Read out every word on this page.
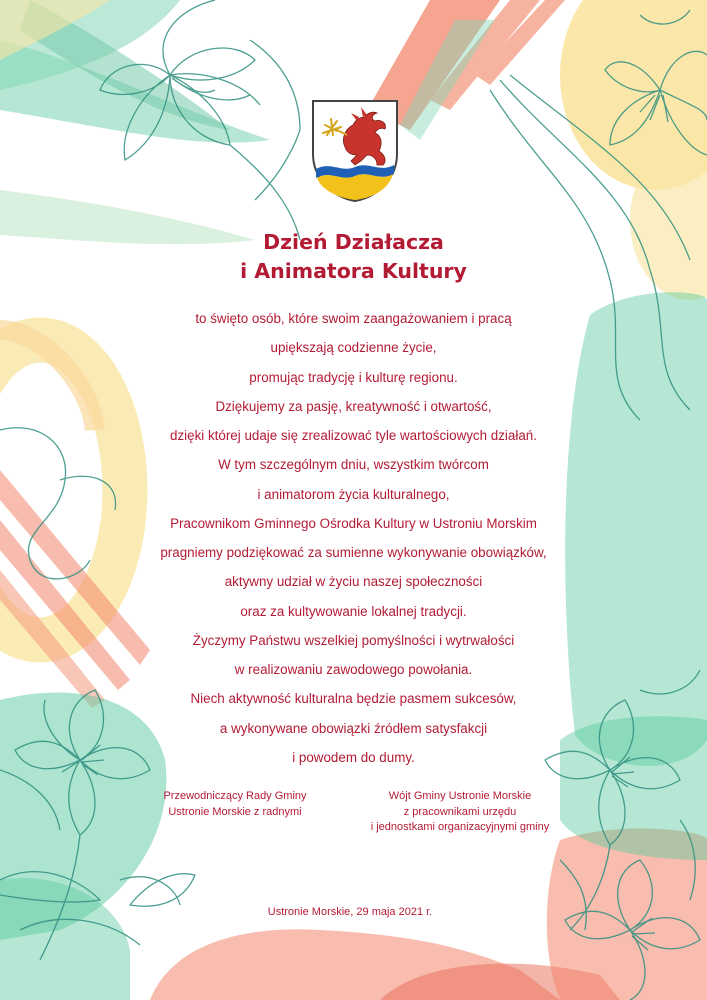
Dzień Działacza
i Animatora Kultury
to święto osób, które swoim zaangażowaniem i pracą
upiększają codzienne życie,
promując tradycję i kulturę regionu.
Dziękujemy za pasję, kreatywność i otwartość,
dzięki której udaje się zrealizować tyle wartościowych działań.
W tym szczególnym dniu, wszystkim twórcom
i animatorom życia kulturalnego,
Pracownikom Gminnego Ośrodka Kultury w Ustroniu Morskim
pragniemy podziękować za sumienne wykonywanie obowiązków,
aktywny udział w życiu naszej społeczności
oraz za kultywowanie lokalnej tradycji.
Życzymy Państwu wszelkiej pomyślności i wytrwałości
w realizowaniu zawodowego powołania.
Niech aktywność kulturalna będzie pasmem sukcesów,
a wykonywane obowiązki źródłem satysfakcji
i powodem do dumy.
Przewodniczący Rady Gminy
Ustronie Morskie z radnymi
Wójt Gminy Ustronie Morskie
z pracownikami urzędu
i jednostkami organizacyjnymi gminy
Ustronie Morskie, 29 maja 2021 r.
